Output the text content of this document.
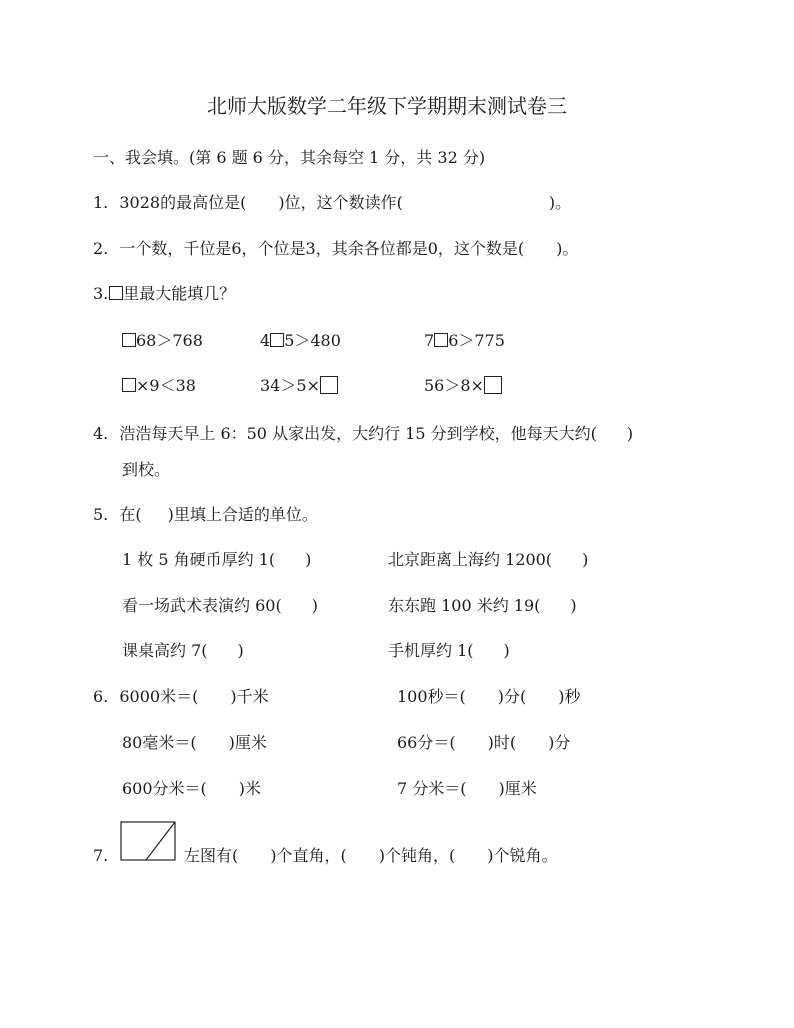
北师大版数学二年级下学期期末测试卷三
一、我会填。(第 6 题 6 分，其余每空 1 分，共 32 分)
1. 3028的最高位是( )位，这个数读作(	)。
2. 一个数，千位是6，个位是3，其余各位都是0，这个数是( )。
3. 里最大能填几？
68＞768	4 5＞480	7 6＞775
×9＜38	34＞5×	56＞8×
4. 浩浩每天早上 6：50 从家出发，大约行 15 分到学校，他每天大约( )
到校。
5. 在( )里填上合适的单位。
1 枚 5 角硬币厚约 1( )	北京距离上海约 1200( )
看一场武术表演约 60( )	东东跑 100 米约 19( )
课桌高约 7( )	手机厚约 1( )
6. 6000米＝( )千米	100秒＝( )分( )秒
80毫米＝( )厘米	66分＝( )时( )分
600分米＝( )米	7 分米＝( )厘米
7.	左图有( )个直角，( )个钝角，( )个锐角。
